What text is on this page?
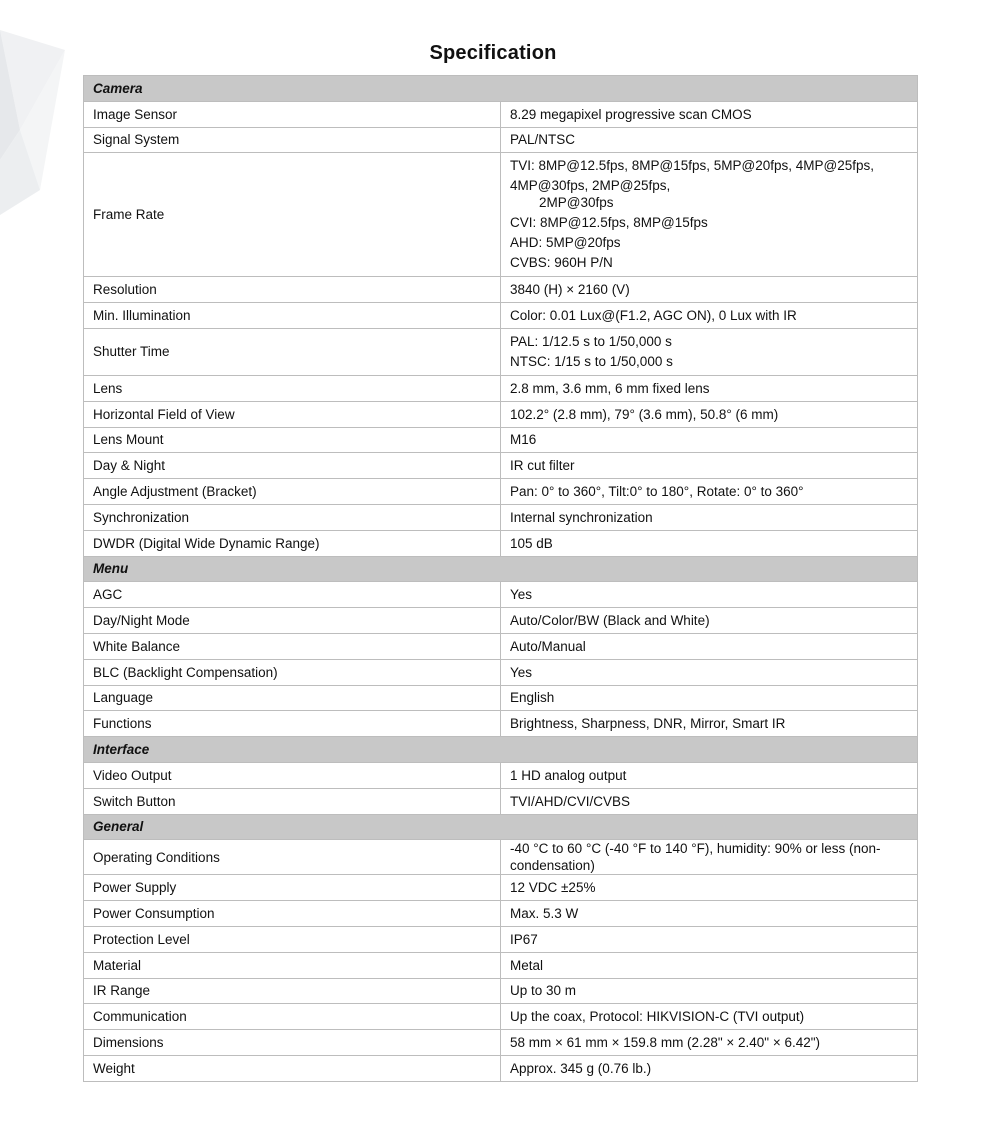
Specification
Camera	
Image Sensor	8.29 megapixel progressive scan CMOS

Signal System	PAL/NTSC

Frame Rate	TVI: 8MP@12.5fps, 8MP@15fps, 5MP@20fps, 4MP@25fps, 4MP@30fps, 2MP@25fps,
2MP@30fps
CVI: 8MP@12.5fps, 8MP@15fps
AHD: 5MP@20fps
CVBS: 960H P/N

Resolution	3840 (H) × 2160 (V)

Min. Illumination	Color: 0.01 Lux@(F1.2, AGC ON), 0 Lux with IR

Shutter Time	PAL: 1/12.5 s to 1/50,000 s
NTSC: 1/15 s to 1/50,000 s

Lens	2.8 mm, 3.6 mm, 6 mm fixed lens

Horizontal Field of View	102.2° (2.8 mm), 79° (3.6 mm), 50.8° (6 mm)

Lens Mount	M16

Day & Night	IR cut filter

Angle Adjustment (Bracket)	Pan: 0° to 360°, Tilt:0° to 180°, Rotate: 0° to 360°

Synchronization	Internal synchronization

DWDR (Digital Wide Dynamic Range)	105 dB

Menu	
AGC	Yes

Day/Night Mode	Auto/Color/BW (Black and White)

White Balance	Auto/Manual

BLC (Backlight Compensation)	Yes

Language	English

Functions	Brightness, Sharpness, DNR, Mirror, Smart IR

Interface	
Video Output	1 HD analog output

Switch Button	TVI/AHD/CVI/CVBS

General	
Operating Conditions	-40 °C to 60 °C (-40 °F to 140 °F), humidity: 90% or less (non-condensation)

Power Supply	12 VDC ±25%

Power Consumption	Max. 5.3 W

Protection Level	IP67

Material	Metal

IR Range	Up to 30 m

Communication	Up the coax, Protocol: HIKVISION-C (TVI output)

Dimensions	58 mm × 61 mm × 159.8 mm (2.28" × 2.40" × 6.42")

Weight	Approx. 345 g (0.76 lb.)
